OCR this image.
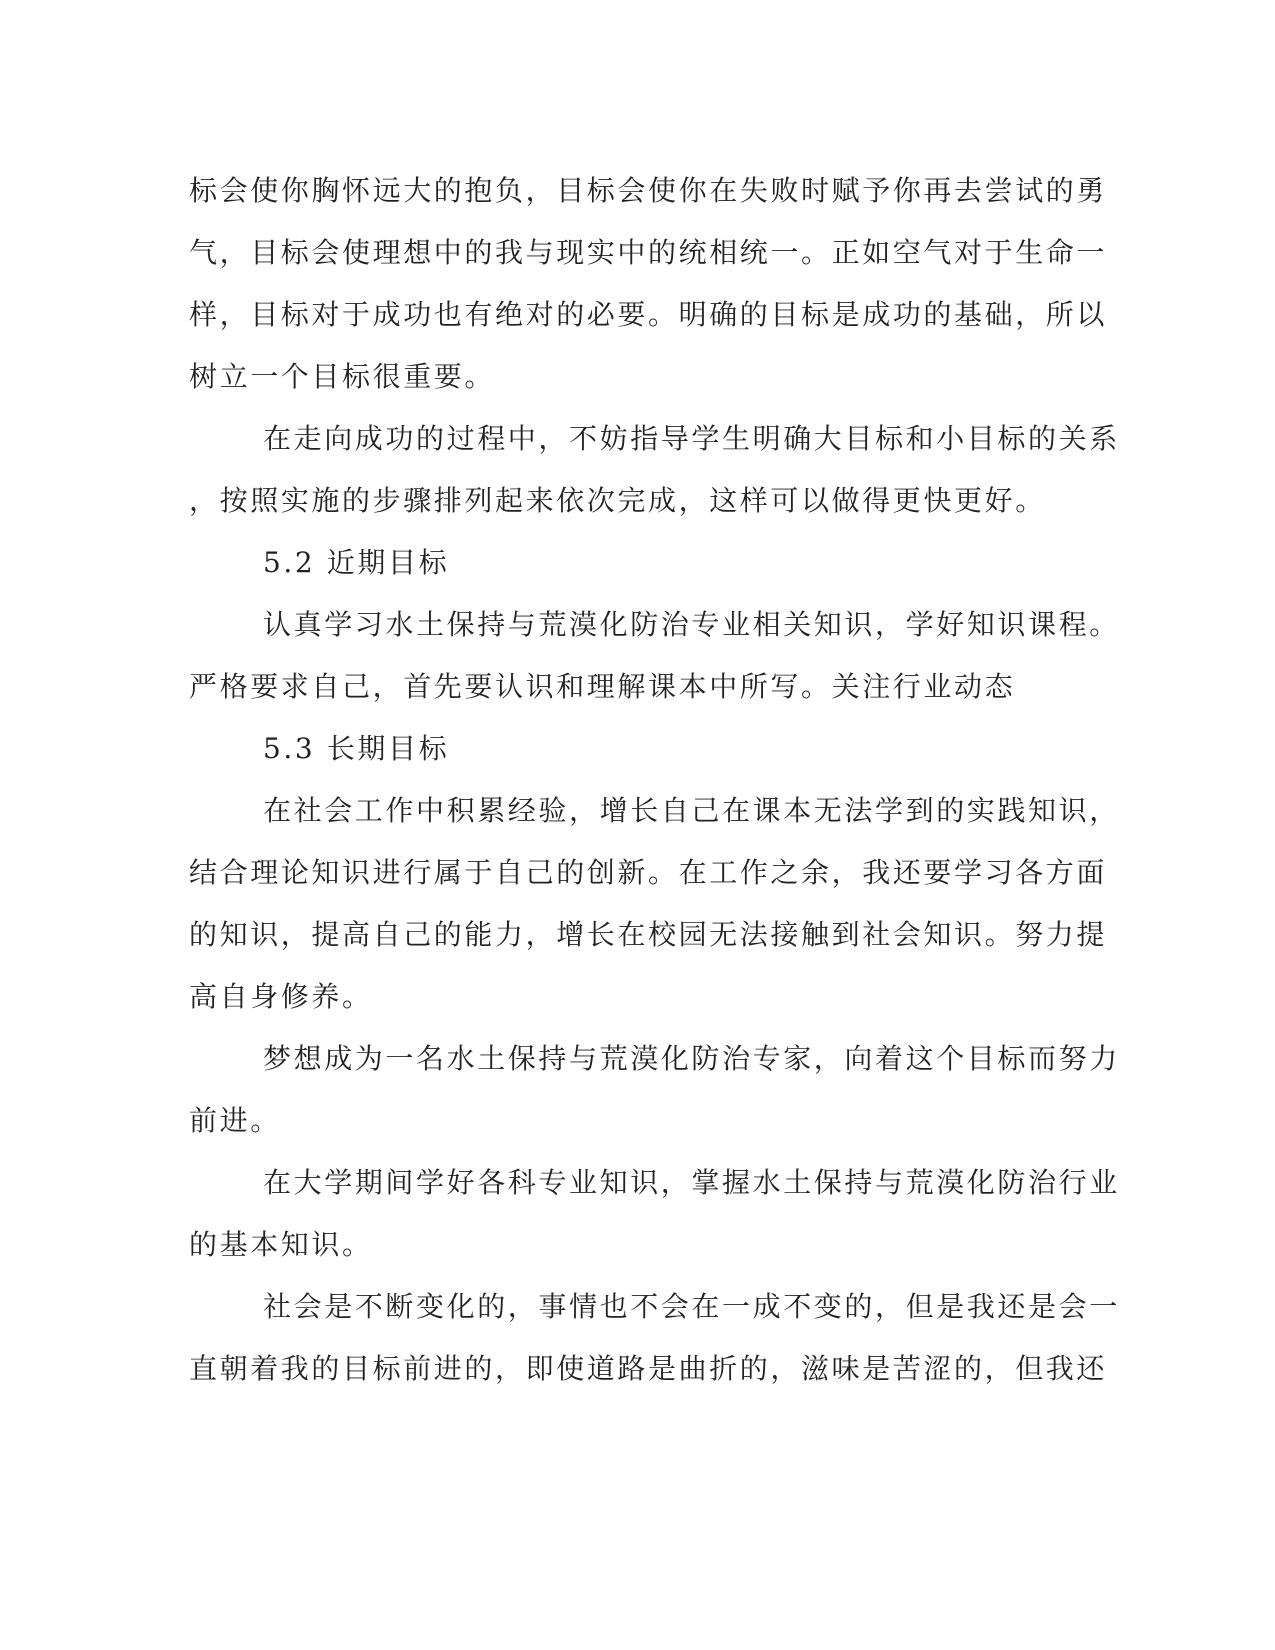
标会使你胸怀远大的抱负，目标会使你在失败时赋予你再去尝试的勇
气，目标会使理想中的我与现实中的统相统一。正如空气对于生命一
样，目标对于成功也有绝对的必要。明确的目标是成功的基础，所以
树立一个目标很重要。
在走向成功的过程中，不妨指导学生明确大目标和小目标的关系
，按照实施的步骤排列起来依次完成，这样可以做得更快更好。
5.2 近期目标
认真学习水土保持与荒漠化防治专业相关知识，学好知识课程。
严格要求自己，首先要认识和理解课本中所写。关注行业动态
5.3 长期目标
在社会工作中积累经验，增长自己在课本无法学到的实践知识，
结合理论知识进行属于自己的创新。在工作之余，我还要学习各方面
的知识，提高自己的能力，增长在校园无法接触到社会知识。努力提
高自身修养。
梦想成为一名水土保持与荒漠化防治专家，向着这个目标而努力
前进。
在大学期间学好各科专业知识，掌握水土保持与荒漠化防治行业
的基本知识。
社会是不断变化的，事情也不会在一成不变的，但是我还是会一
直朝着我的目标前进的，即使道路是曲折的，滋味是苦涩的，但我还
